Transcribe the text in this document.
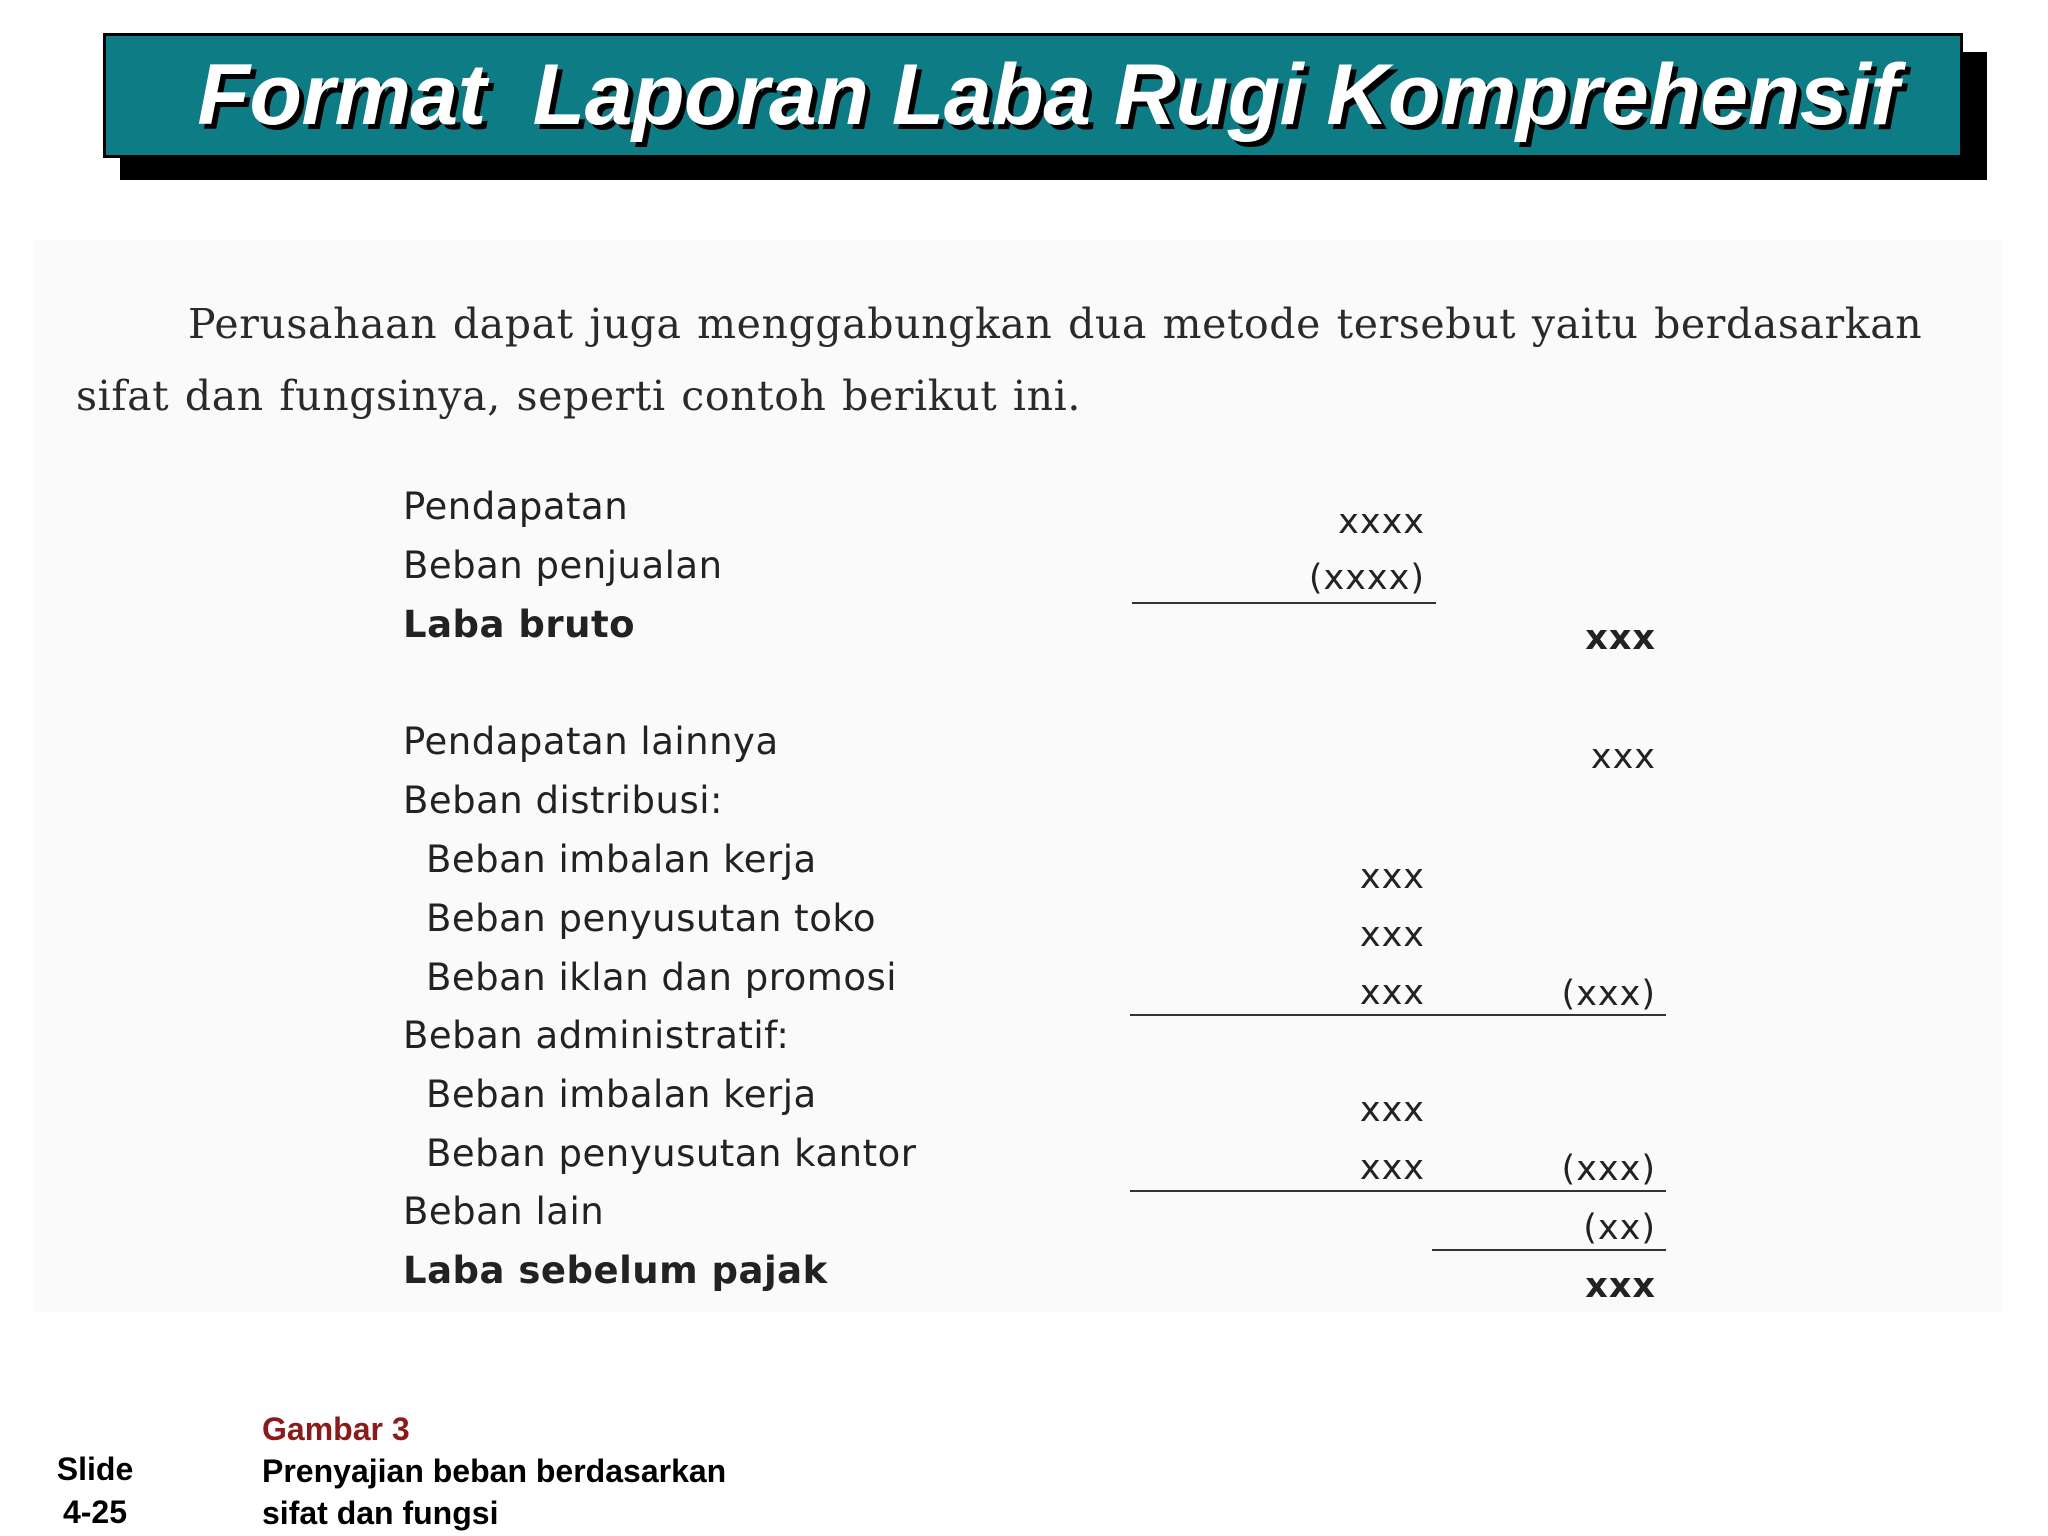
Format  Laporan Laba Rugi Komprehensif
Perusahaan dapat juga menggabungkan dua metode tersebut yaitu berdasarkan sifat dan fungsinya, seperti contoh berikut ini.
Pendapatan
Beban penjualan
Laba bruto
Pendapatan lainnya
Beban distribusi:
Beban imbalan kerja
Beban penyusutan toko
Beban iklan dan promosi
Beban administratif:
Beban imbalan kerja
Beban penyusutan kantor
Beban lain
Laba sebelum pajak
xxxx
(xxxx)
xxx
xxx
xxx
xxx
xxx
xxx
xxx
(xxx)
(xxx)
(xx)
xxx
Slide
4-25
Gambar 3
Prenyajian beban berdasarkan
sifat dan fungsi
